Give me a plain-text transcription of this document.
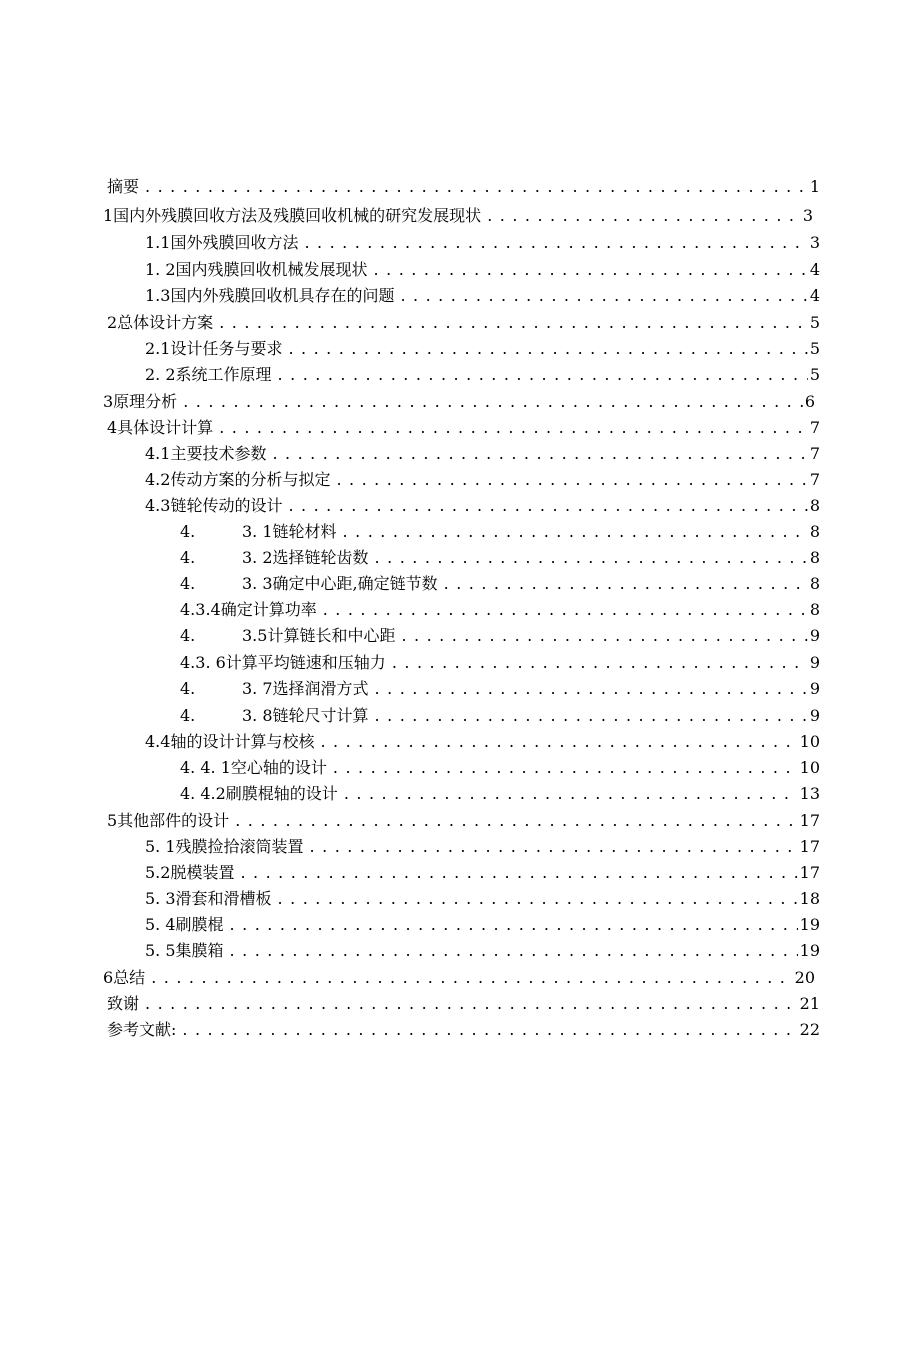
摘要 . . .	1
1国内外残膜回收方法及残膜回收机械的研究发展现状 . . .	3
1.1国外残膜回收方法 . . .	3
1. 2国内残膜回收机械发展现状 . . .	4
1.3国内外残膜回收机具存在的问题 . . .	4
2总体设计方案 . . .	5
2.1设计任务与要求 . . .	5
2. 2系统工作原理 . . .	5
3原理分析 . . .	6
4具体设计计算 . . .	7
4.1主要技术参数 . . .	7
4.2传动方案的分析与拟定 . . .	7
4.3链轮传动的设计 . . .	8
4.	3. 1链轮材料 . . .	8
4.	3. 2选择链轮齿数 . . .	8
4.	3. 3确定中心距,确定链节数 . . .	8
4.3.4确定计算功率 . . .	8
4.	3.5计算链长和中心距 . . .	9
4.3. 6计算平均链速和压轴力 . . .	9
4.	3. 7选择润滑方式 . . .	9
4.	3. 8链轮尺寸计算 . . .	9
4.4轴的设计计算与校核 . . .	10
4. 4. 1空心轴的设计 . . .	10
4. 4.2刷膜棍轴的设计 . . .	13
5其他部件的设计 . . .	17
5. 1残膜捡拾滚筒装置 . . .	17
5.2脱模装置 . . .	17
5. 3滑套和滑槽板 . . .	18
5. 4刷膜棍 . . .	19
5. 5集膜箱 . . .	19
6总结 . . .	20
致谢 . . .	21
参考文献: . . .	22
